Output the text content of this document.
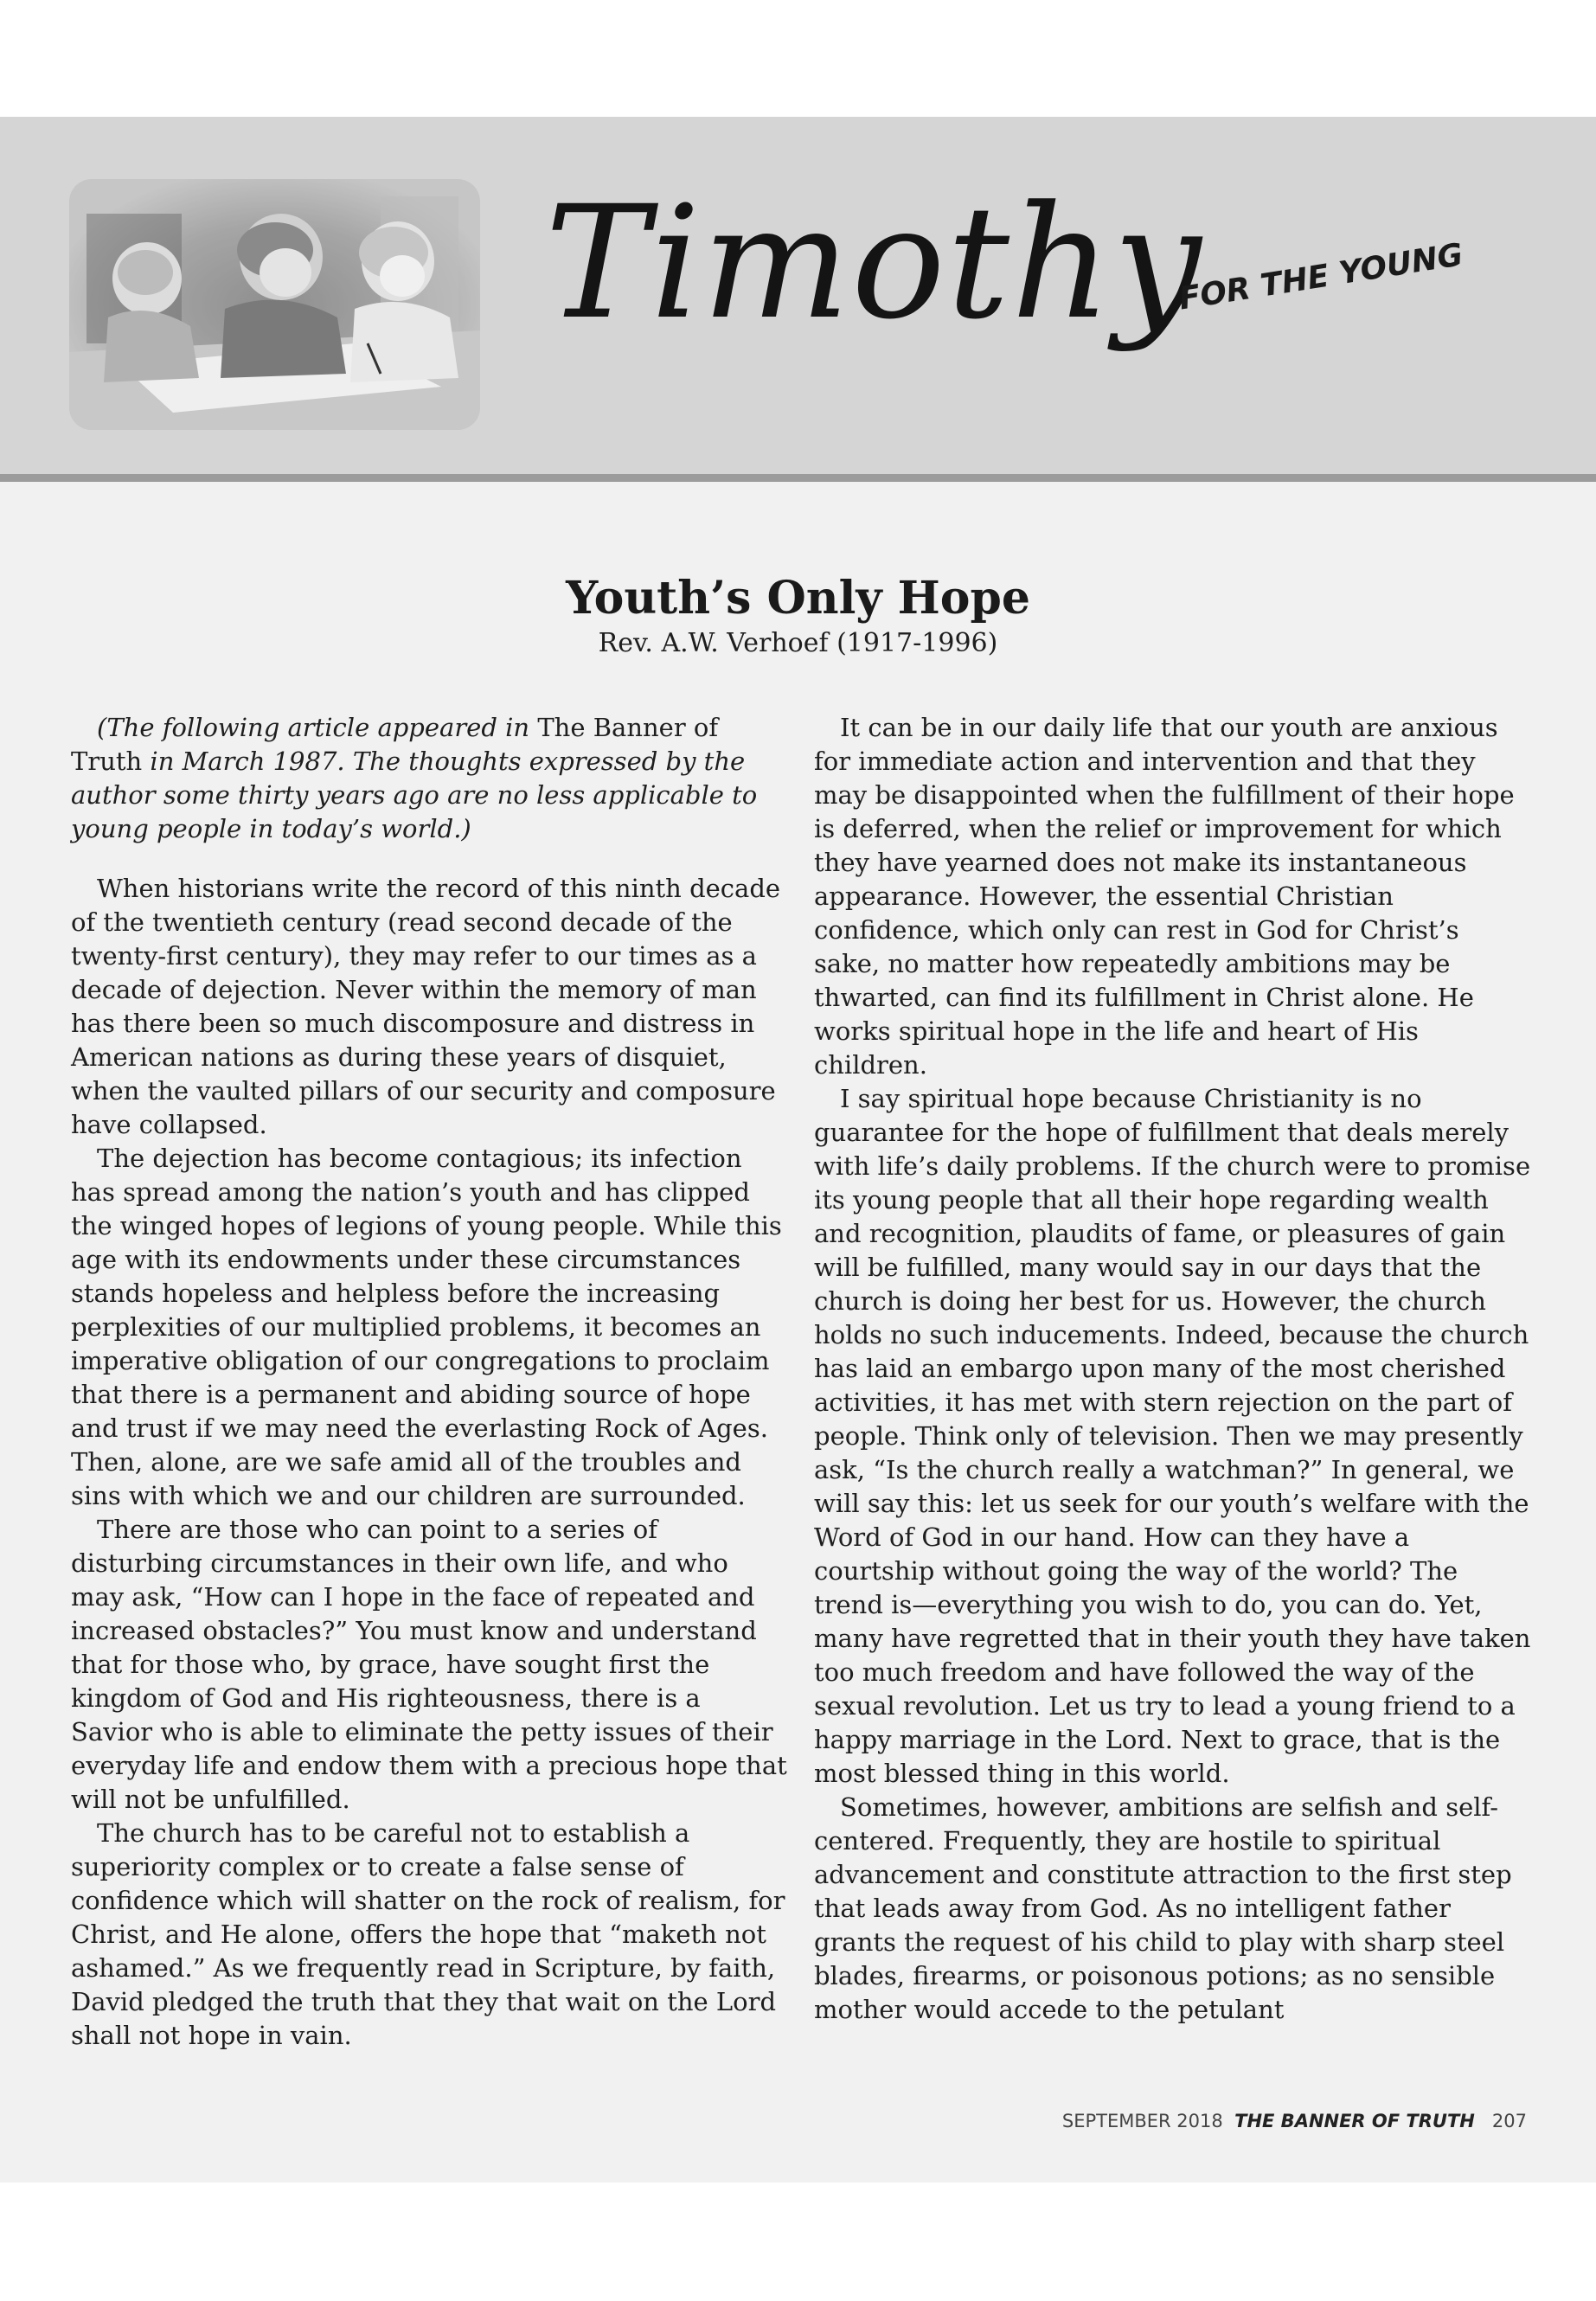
Timothy
FOR THE YOUNG
Youth’s Only Hope
Rev. A.W. Verhoef (1917-1996)

(The following article appeared in The Banner of Truth in March 1987. The thoughts expressed by the author some thirty years ago are no less applicable to young people in today’s world.)

When historians write the record of this ninth decade of the twentieth century (read second decade of the twenty-first century), they may refer to our times as a decade of dejection. Never within the memory of man has there been so much discomposure and distress in American nations as during these years of disquiet, when the vaulted pillars of our security and composure have collapsed.

The dejection has become contagious; its infection has spread among the nation’s youth and has clipped the winged hopes of legions of young people. While this age with its endowments under these circumstances stands hopeless and helpless before the increasing perplexities of our multiplied problems, it becomes an imperative obligation of our congregations to proclaim that there is a permanent and abiding source of hope and trust if we may need the everlasting Rock of Ages. Then, alone, are we safe amid all of the troubles and sins with which we and our children are surrounded.

There are those who can point to a series of disturbing circumstances in their own life, and who may ask, “How can I hope in the face of repeated and increased obstacles?” You must know and understand that for those who, by grace, have sought first the kingdom of God and His righteousness, there is a Savior who is able to eliminate the petty issues of their everyday life and endow them with a precious hope that will not be unfulfilled.

The church has to be careful not to establish a superiority complex or to create a false sense of confidence which will shatter on the rock of realism, for Christ, and He alone, offers the hope that “maketh not ashamed.” As we frequently read in Scripture, by faith, David pledged the truth that they that wait on the Lord shall not hope in vain.

It can be in our daily life that our youth are anxious for immediate action and intervention and that they may be disappointed when the fulfillment of their hope is deferred, when the relief or improvement for which they have yearned does not make its instantaneous appearance. However, the essential Christian confidence, which only can rest in God for Christ’s sake, no matter how repeatedly ambitions may be thwarted, can find its fulfillment in Christ alone. He works spiritual hope in the life and heart of His children.

I say spiritual hope because Christianity is no guarantee for the hope of fulfillment that deals merely with life’s daily problems. If the church were to promise its young people that all their hope regarding wealth and recognition, plaudits of fame, or pleasures of gain will be fulfilled, many would say in our days that the church is doing her best for us. However, the church holds no such inducements. Indeed, because the church has laid an embargo upon many of the most cherished activities, it has met with stern rejection on the part of people. Think only of television. Then we may presently ask, “Is the church really a watchman?” In general, we will say this: let us seek for our youth’s welfare with the Word of God in our hand. How can they have a courtship without going the way of the world? The trend is—everything you wish to do, you can do. Yet, many have regretted that in their youth they have taken too much freedom and have followed the way of the sexual revolution. Let us try to lead a young friend to a happy marriage in the Lord. Next to grace, that is the most blessed thing in this world.

Sometimes, however, ambitions are selfish and self-centered. Frequently, they are hostile to spiritual advancement and constitute attraction to the first step that leads away from God. As no intelligent father grants the request of his child to play with sharp steel blades, firearms, or poisonous potions; as no sensible mother would accede to the petulant

SEPTEMBER 2018 THE BANNER OF TRUTH 207
